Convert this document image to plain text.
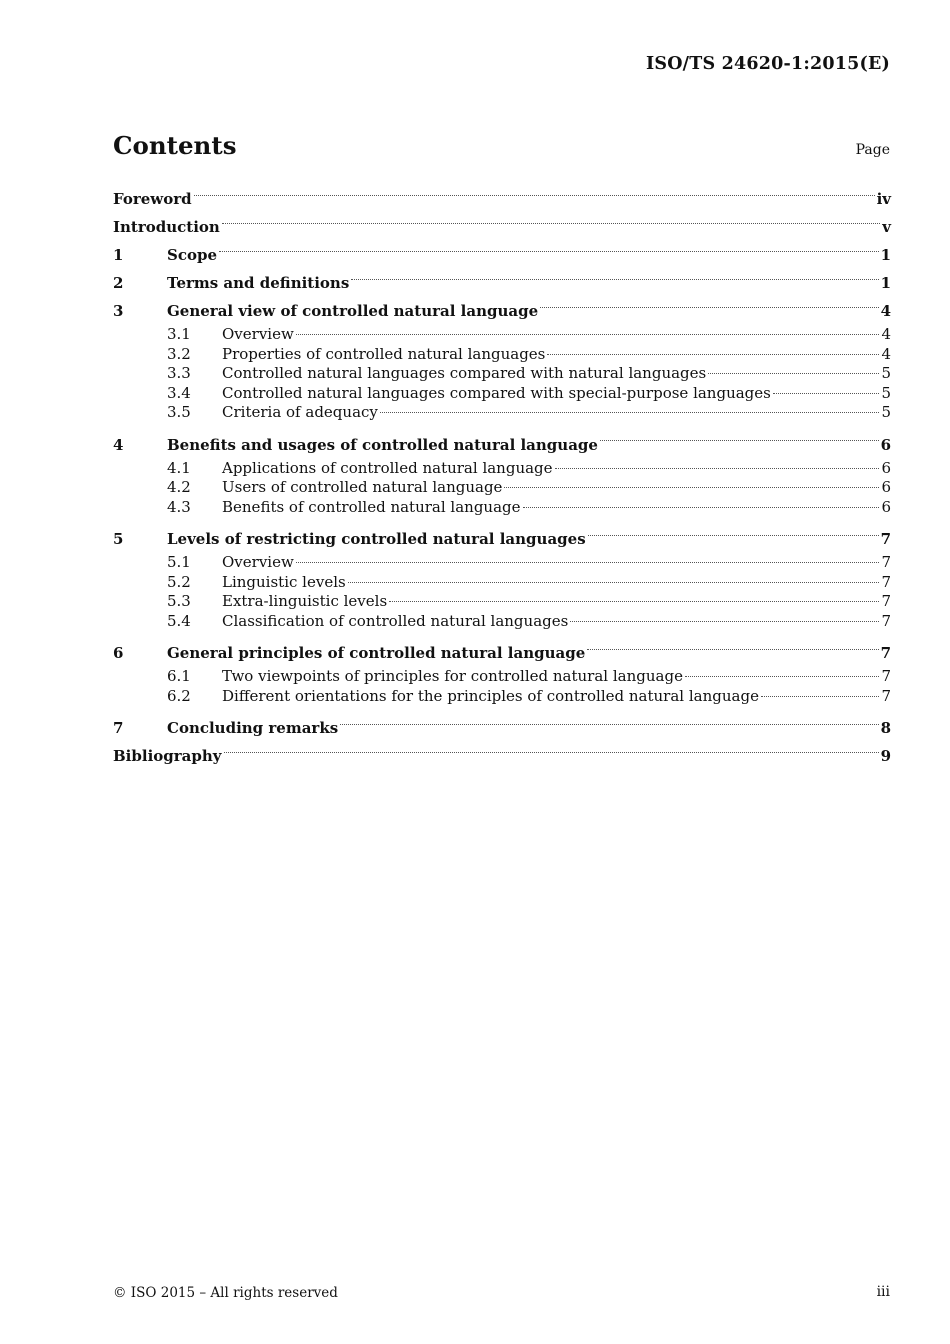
ISO/TS 24620-1:2015(E)
Contents	Page
Foreword	iv
Introduction	v
1	Scope	1
2	Terms and definitions	1
3	General view of controlled natural language	4
3.1	Overview	4
3.2	Properties of controlled natural languages	4
3.3	Controlled natural languages compared with natural languages	5
3.4	Controlled natural languages compared with special-purpose languages	5
3.5	Criteria of adequacy	5
4	Benefits and usages of controlled natural language	6
4.1	Applications of controlled natural language	6
4.2	Users of controlled natural language	6
4.3	Benefits of controlled natural language	6
5	Levels of restricting controlled natural languages	7
5.1	Overview	7
5.2	Linguistic levels	7
5.3	Extra-linguistic levels	7
5.4	Classification of controlled natural languages	7
6	General principles of controlled natural language	7
6.1	Two viewpoints of principles for controlled natural language	7
6.2	Different orientations for the principles of controlled natural language	7
7	Concluding remarks	8
Bibliography	9
© ISO 2015 – All rights reserved	iii
